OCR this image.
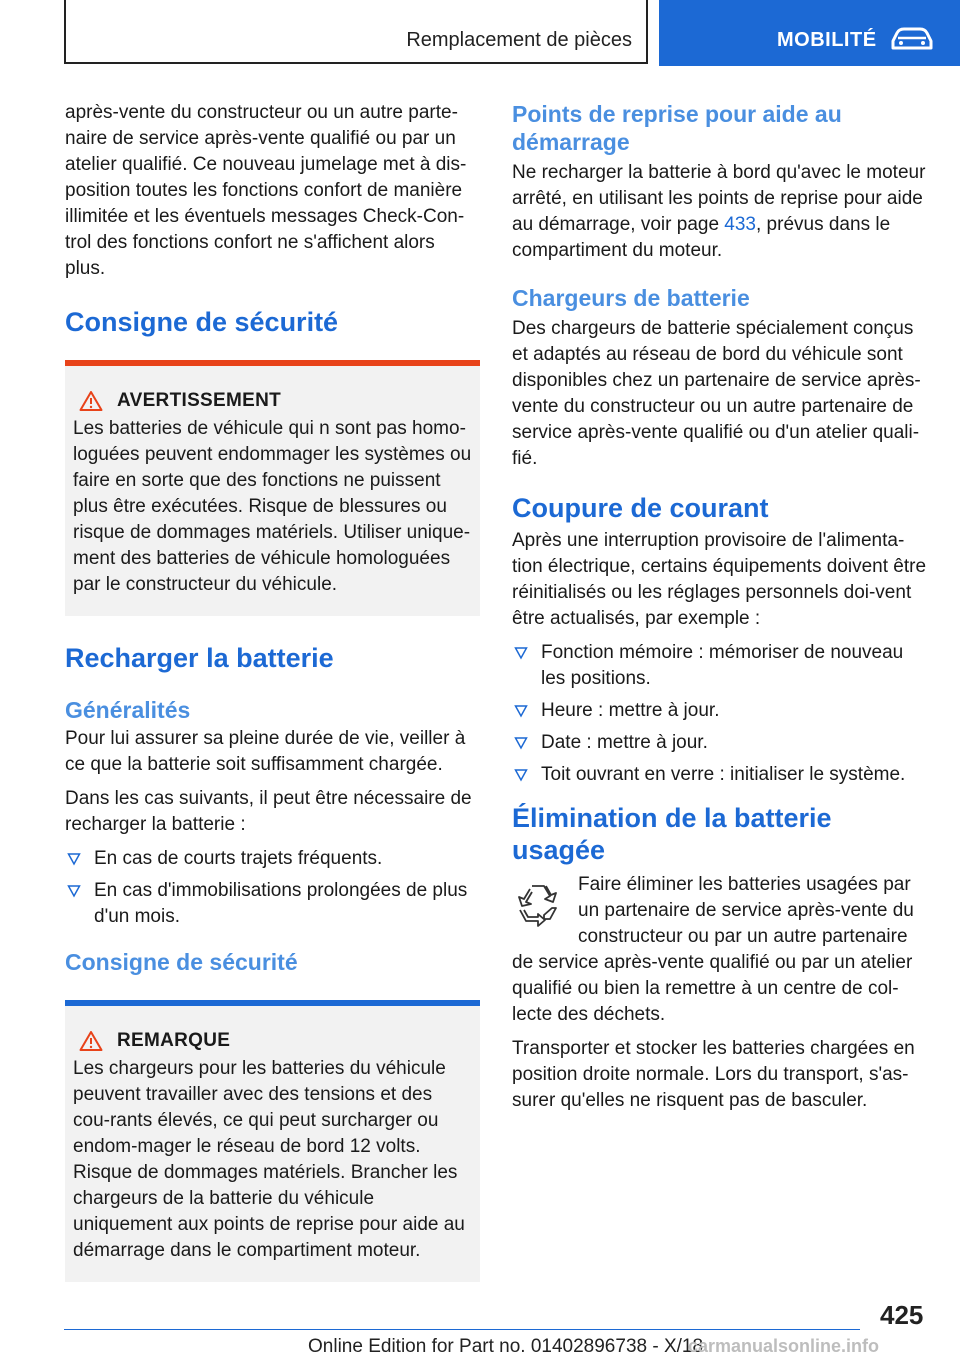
Remplacement de pièces	MOBILITÉ

après-vente du constructeur ou un autre parte-naire de service après-vente qualifié ou par un atelier qualifié. Ce nouveau jumelage met à dis-position toutes les fonctions confort de manière illimitée et les éventuels messages Check-Con-trol des fonctions confort ne s'affichent alors plus.

Consigne de sécurité
AVERTISSEMENT

Les batteries de véhicule qui n sont pas homo-loguées peuvent endommager les systèmes ou faire en sorte que des fonctions ne puissent plus être exécutées. Risque de blessures ou risque de dommages matériels. Utiliser unique-ment des batteries de véhicule homologuées par le constructeur du véhicule.

Recharger la batterie
Généralités

Pour lui assurer sa pleine durée de vie, veiller à ce que la batterie soit suffisamment chargée.

Dans les cas suivants, il peut être nécessaire de recharger la batterie :

En cas de courts trajets fréquents.
En cas d'immobilisations prolongées de plus d'un mois.
Consigne de sécurité
REMARQUE

Les chargeurs pour les batteries du véhicule peuvent travailler avec des tensions et des cou-rants élevés, ce qui peut surcharger ou endom-mager le réseau de bord 12 volts. Risque de dommages matériels. Brancher les chargeurs de la batterie du véhicule uniquement aux points de reprise pour aide au démarrage dans le compartiment moteur.

Points de reprise pour aide au démarrage

Ne recharger la batterie à bord qu'avec le moteur arrêté, en utilisant les points de reprise pour aide au démarrage, voir page 433, prévus dans le compartiment du moteur.

Chargeurs de batterie

Des chargeurs de batterie spécialement conçus et adaptés au réseau de bord du véhicule sont disponibles chez un partenaire de service après-vente du constructeur ou un autre partenaire de service après-vente qualifié ou d'un atelier quali-fié.

Coupure de courant

Après une interruption provisoire de l'alimenta-tion électrique, certains équipements doivent être réinitialisés ou les réglages personnels doi-vent être actualisés, par exemple :

Fonction mémoire : mémoriser de nouveau les positions.
Heure : mettre à jour.
Date : mettre à jour.
Toit ouvrant en verre : initialiser le système.
Élimination de la batterie usagée

Faire éliminer les batteries usagées par un partenaire de service après-vente du constructeur ou par un autre partenaire de service après-vente qualifié ou par un atelier qualifié ou bien la remettre à un centre de col-lecte des déchets.

Transporter et stocker les batteries chargées en position droite normale. Lors du transport, s'as-surer qu'elles ne risquent pas de basculer.

425
Online Edition for Part no. 01402896738 - X/18
carmanualsonline.info
